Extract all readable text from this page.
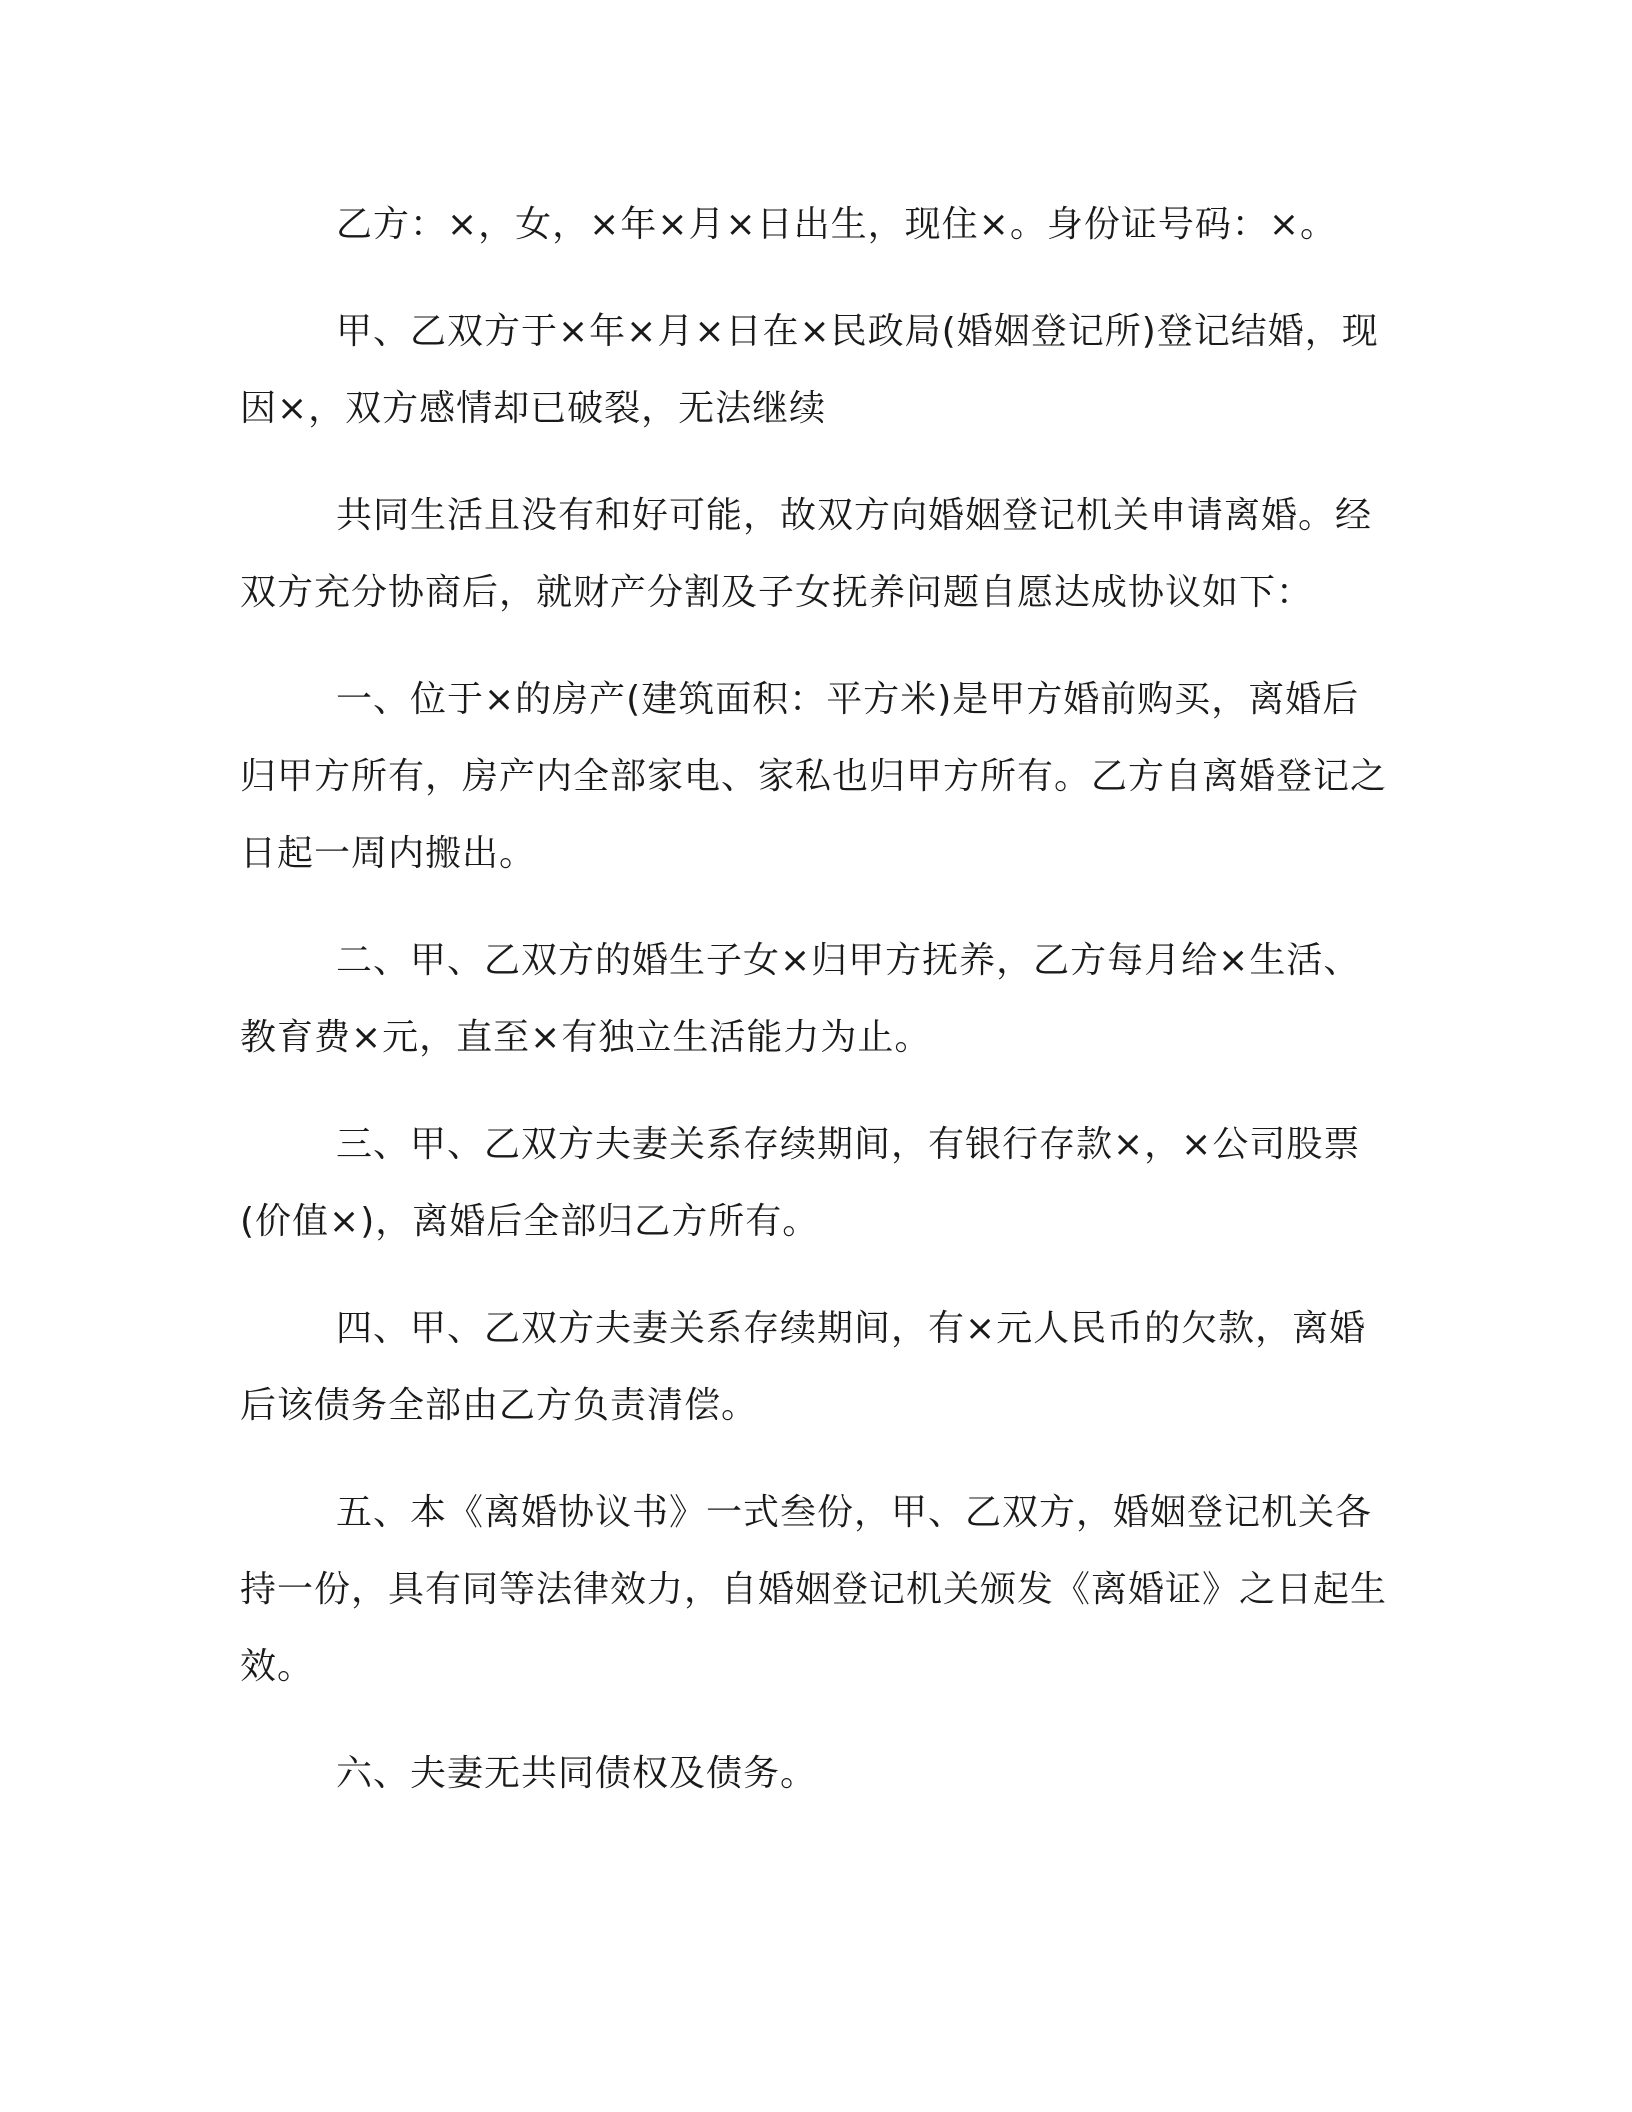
乙方：×，女，×年×月×日出生，现住×。身份证号码：×。

甲、乙双方于×年×月×日在×民政局(婚姻登记所)登记结婚，现因×，双方感情却已破裂，无法继续

共同生活且没有和好可能，故双方向婚姻登记机关申请离婚。经双方充分协商后，就财产分割及子女抚养问题自愿达成协议如下：

一、位于×的房产(建筑面积：平方米)是甲方婚前购买，离婚后归甲方所有，房产内全部家电、家私也归甲方所有。乙方自离婚登记之日起一周内搬出。

二、甲、乙双方的婚生子女×归甲方抚养，乙方每月给×生活、教育费×元，直至×有独立生活能力为止。

三、甲、乙双方夫妻关系存续期间，有银行存款×，×公司股票(价值×)，离婚后全部归乙方所有。

四、甲、乙双方夫妻关系存续期间，有×元人民币的欠款，离婚后该债务全部由乙方负责清偿。

五、本《离婚协议书》一式叁份，甲、乙双方，婚姻登记机关各持一份，具有同等法律效力，自婚姻登记机关颁发《离婚证》之日起生效。

六、夫妻无共同债权及债务。
